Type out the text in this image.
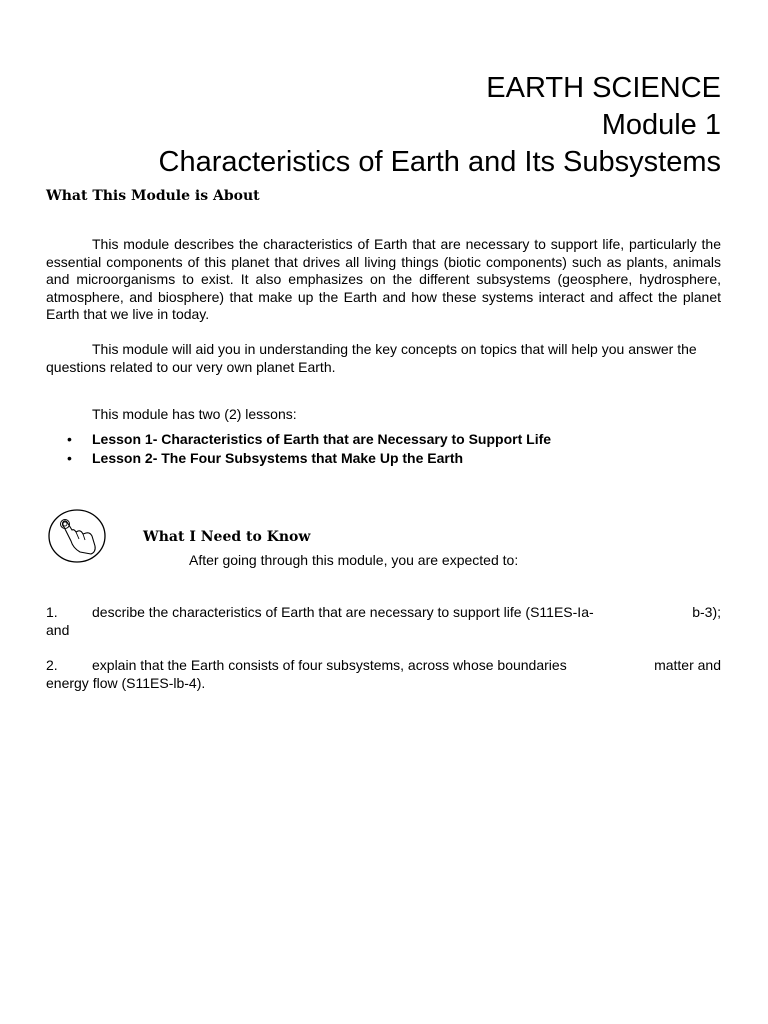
EARTH SCIENCE

Module 1

Characteristics of Earth and Its Subsystems

What This Module is About

This module describes the characteristics of Earth that are necessary to support life, particularly the essential components of this planet that drives all living things (biotic components) such as plants, animals and microorganisms to exist. It also emphasizes on the different subsystems (geosphere, hydrosphere, atmosphere, and biosphere) that make up the Earth and how these systems interact and affect the planet Earth that we live in today.

This module will aid you in understanding the key concepts on topics that will help you answer the questions related to our very own planet Earth.

This module has two (2) lessons:

• Lesson 1- Characteristics of Earth that are Necessary to Support Life
• Lesson 2- The Four Subsystems that Make Up the Earth
What I Need to Know

After going through this module, you are expected to:

1. describe the characteristics of Earth that are necessary to support life (S11ES-Ia-	b-3);

and

2. explain that the Earth consists of four subsystems, across whose boundaries	matter and

energy flow (S11ES-lb-4).
